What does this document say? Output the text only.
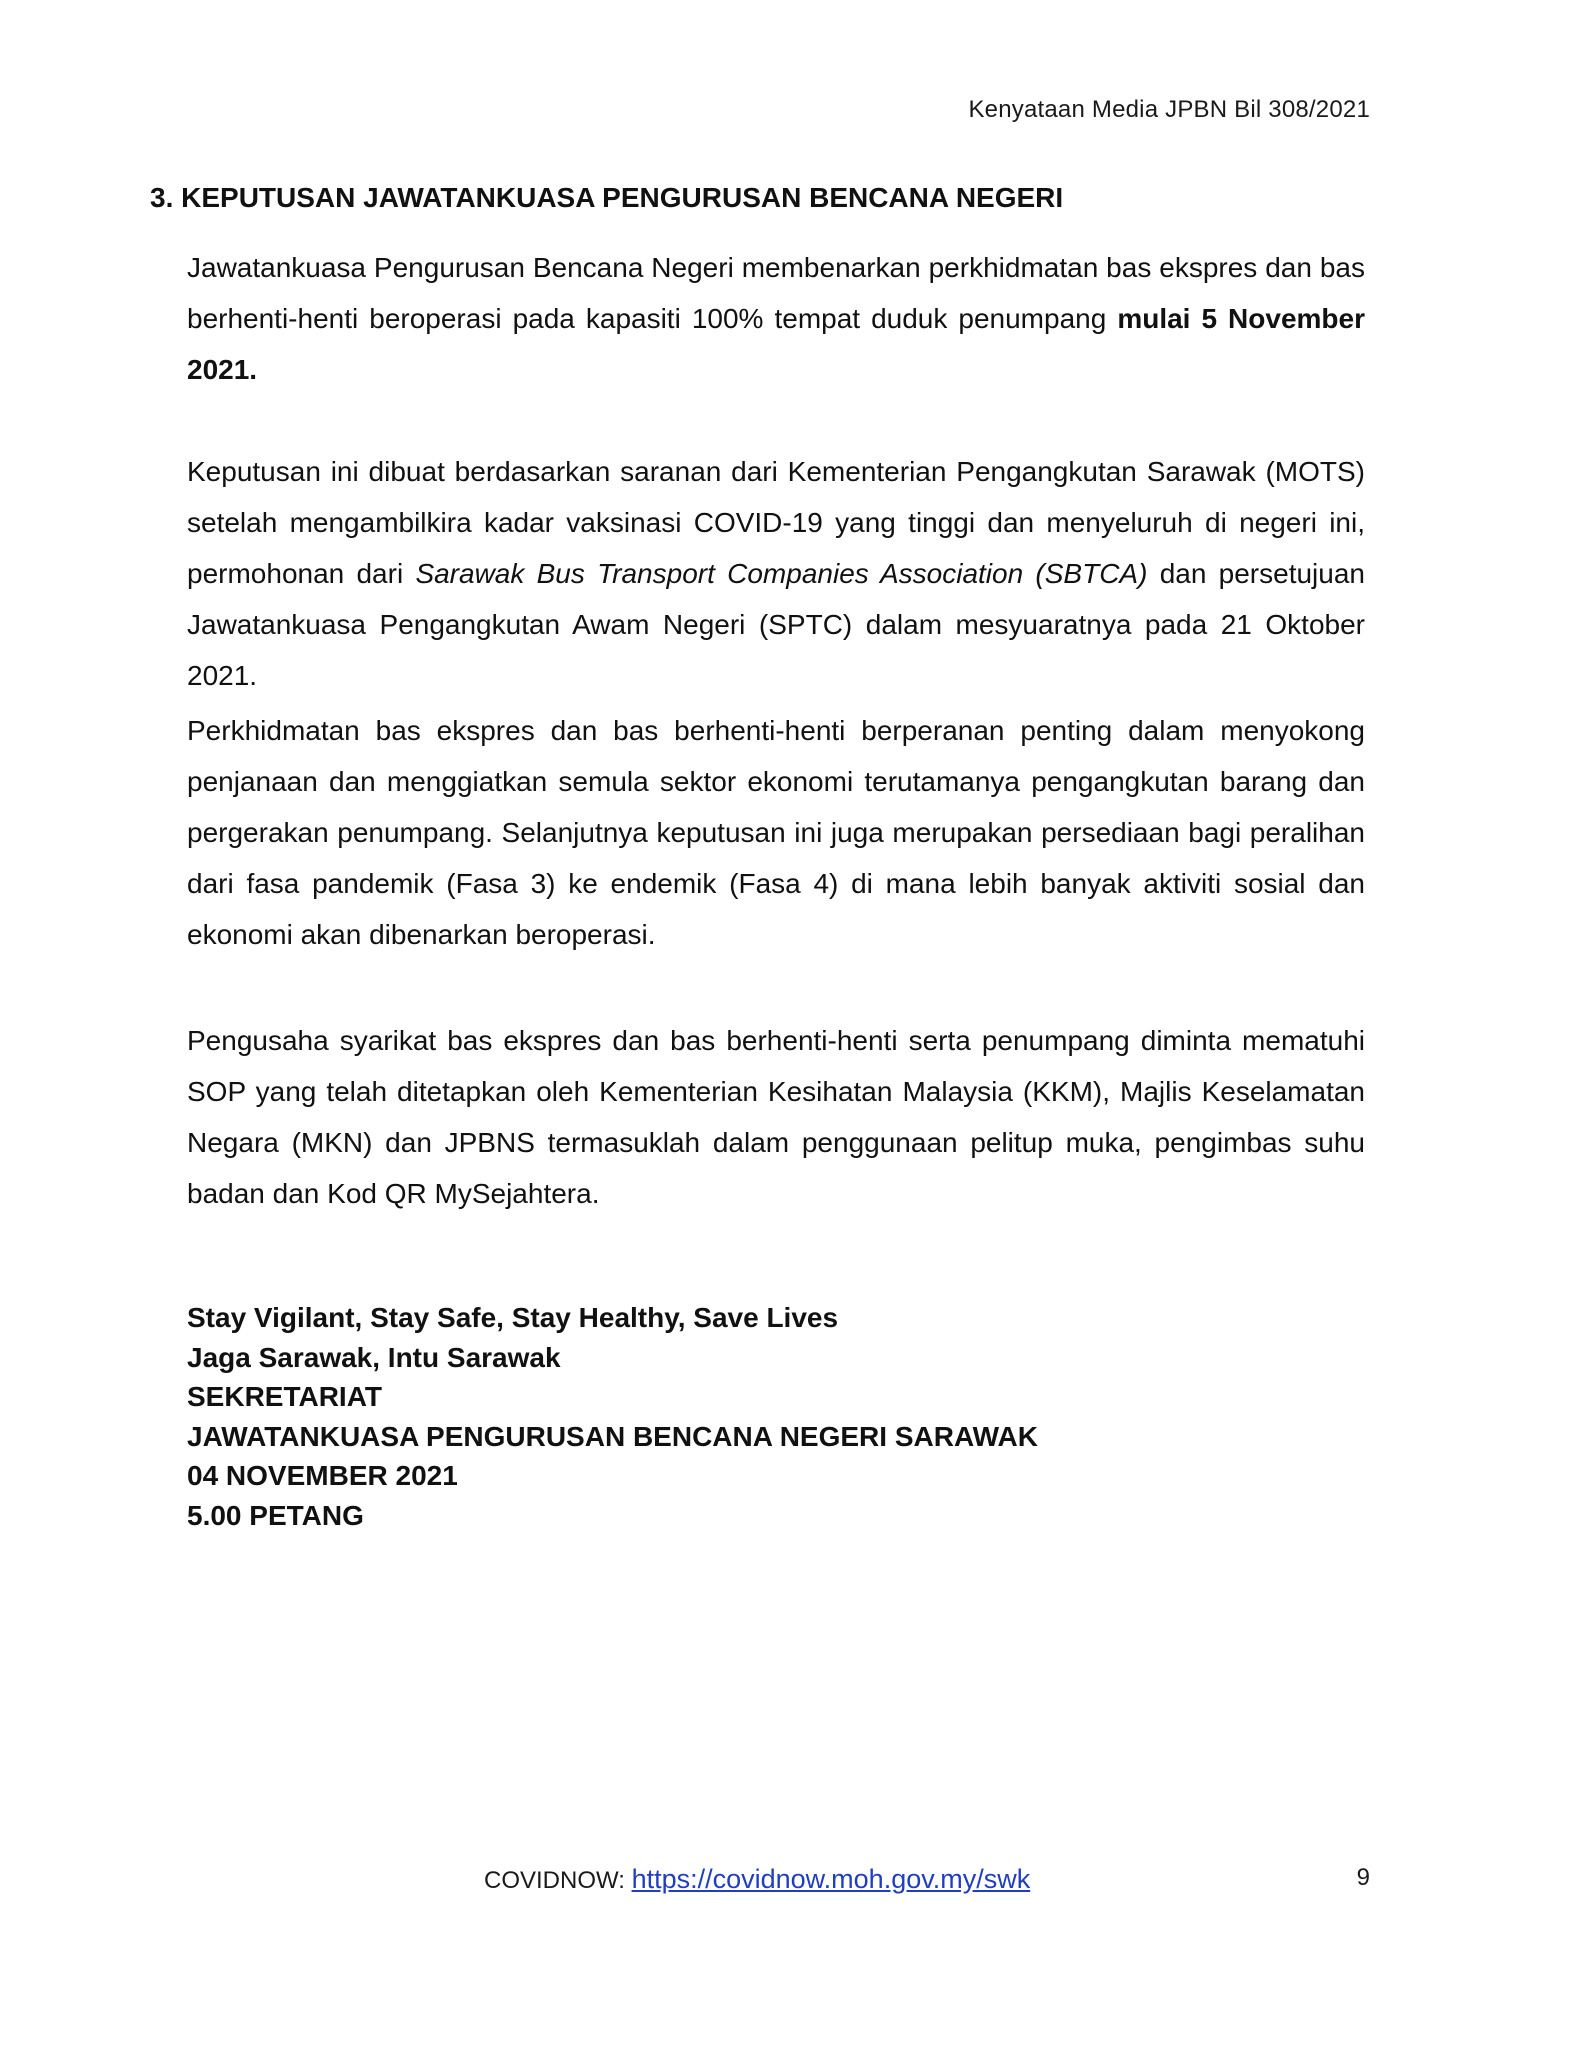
Kenyataan Media JPBN Bil 308/2021
3. KEPUTUSAN JAWATANKUASA PENGURUSAN BENCANA NEGERI
Jawatankuasa Pengurusan Bencana Negeri membenarkan perkhidmatan bas ekspres dan bas berhenti-henti beroperasi pada kapasiti 100% tempat duduk penumpang mulai 5 November 2021.
Keputusan ini dibuat berdasarkan saranan dari Kementerian Pengangkutan Sarawak (MOTS) setelah mengambilkira kadar vaksinasi COVID-19 yang tinggi dan menyeluruh di negeri ini, permohonan dari Sarawak Bus Transport Companies Association (SBTCA) dan persetujuan Jawatankuasa Pengangkutan Awam Negeri (SPTC) dalam mesyuaratnya pada 21 Oktober 2021.
Perkhidmatan bas ekspres dan bas berhenti-henti berperanan penting dalam menyokong penjanaan dan menggiatkan semula sektor ekonomi terutamanya pengangkutan barang dan pergerakan penumpang. Selanjutnya keputusan ini juga merupakan persediaan bagi peralihan dari fasa pandemik (Fasa 3) ke endemik (Fasa 4) di mana lebih banyak aktiviti sosial dan ekonomi akan dibenarkan beroperasi.
Pengusaha syarikat bas ekspres dan bas berhenti-henti serta penumpang diminta mematuhi SOP yang telah ditetapkan oleh Kementerian Kesihatan Malaysia (KKM), Majlis Keselamatan Negara (MKN) dan JPBNS termasuklah dalam penggunaan pelitup muka, pengimbas suhu badan dan Kod QR MySejahtera.
Stay Vigilant, Stay Safe, Stay Healthy, Save Lives
Jaga Sarawak, Intu Sarawak
SEKRETARIAT
JAWATANKUASA PENGURUSAN BENCANA NEGERI SARAWAK
04 NOVEMBER 2021
5.00 PETANG
COVIDNOW: https://covidnow.moh.gov.my/swk	9
